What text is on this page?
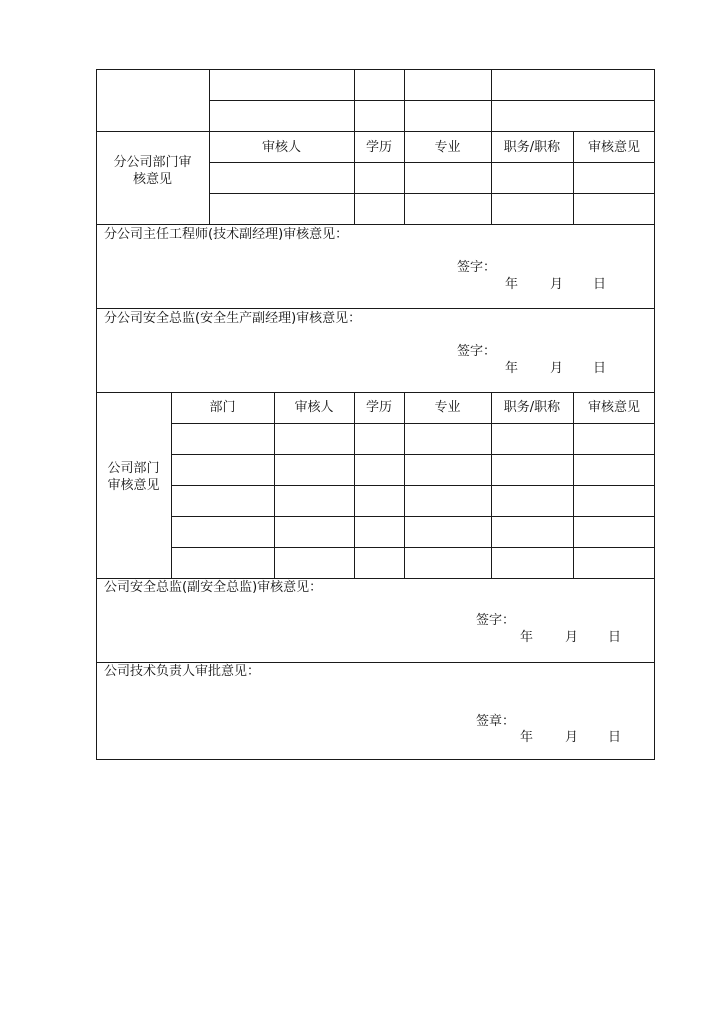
分公司部门审
核意见
审核人	学历	专业	职务/职称	审核意见
分公司主任工程师(技术副经理)审核意见：
签字：
年 月 日
分公司安全总监(安全生产副经理)审核意见：
签字：
年 月 日
公司部门
审核意见
部门	审核人	学历	专业	职务/职称	审核意见
公司安全总监(副安全总监)审核意见：
签字：
年 月 日
公司技术负责人审批意见：
签章：
年 月 日
